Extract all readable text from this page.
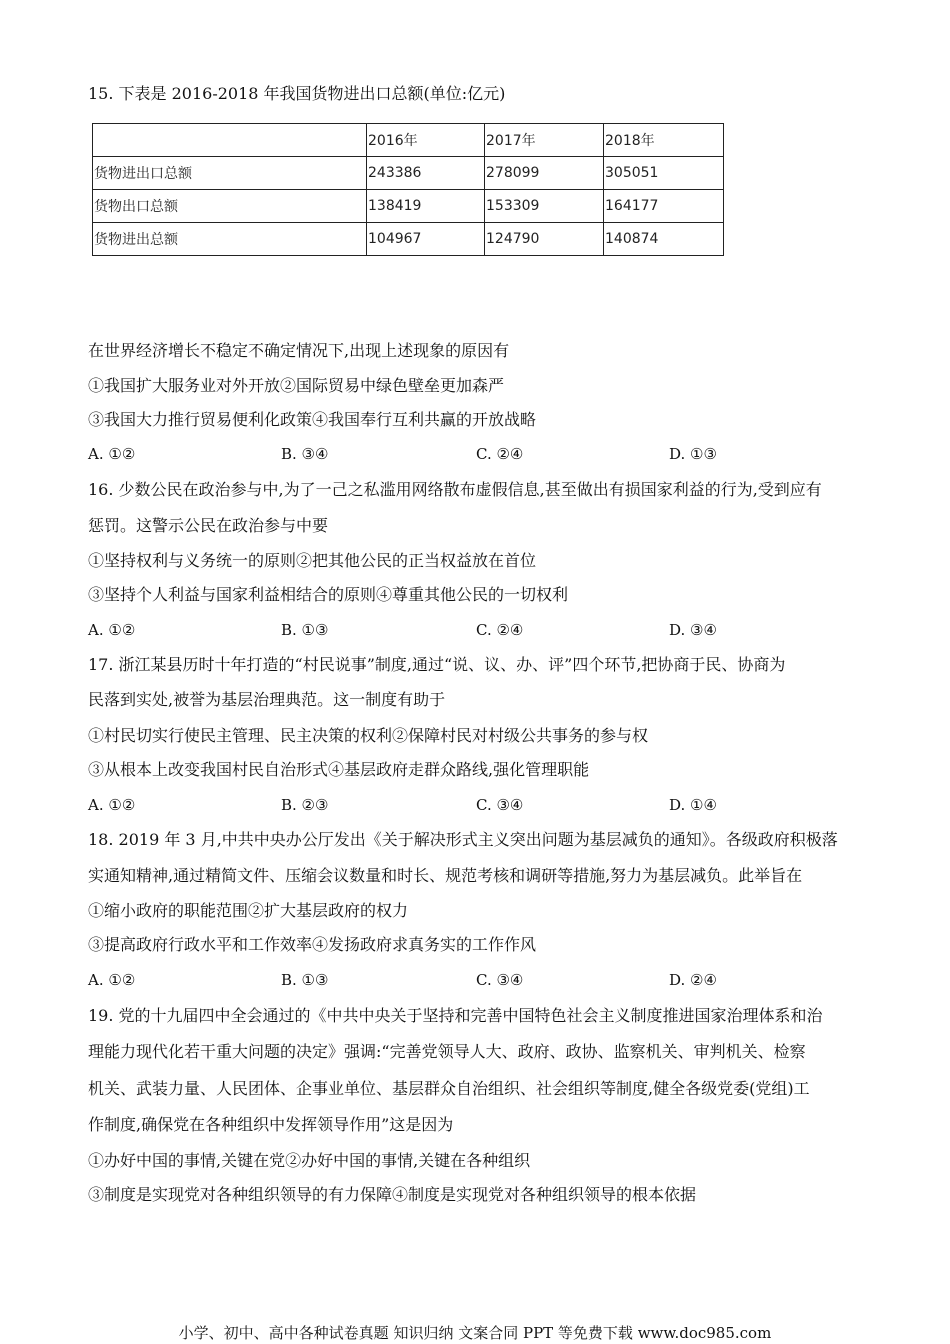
15. 下表是 2016-2018 年我国货物进出口总额(单位:亿元)
	2016年	2017年	2018年
货物进出口总额	243386	278099	305051
货物出口总额	138419	153309	164177
货物进出总额	104967	124790	140874
在世界经济增长不稳定不确定情况下,出现上述现象的原因有
①我国扩大服务业对外开放②国际贸易中绿色壁垒更加森严
③我国大力推行贸易便利化政策④我国奉行互利共赢的开放战略
A. ①②	B. ③④	C. ②④	D. ①③
16. 少数公民在政治参与中,为了一己之私滥用网络散布虚假信息,甚至做出有损国家利益的行为,受到应有
惩罚。这警示公民在政治参与中要
①坚持权利与义务统一的原则②把其他公民的正当权益放在首位
③坚持个人利益与国家利益相结合的原则④尊重其他公民的一切权利
A. ①②	B. ①③	C. ②④	D. ③④
17. 浙江某县历时十年打造的“村民说事”制度,通过“说、议、办、评”四个环节,把协商于民、协商为
民落到实处,被誉为基层治理典范。这一制度有助于
①村民切实行使民主管理、民主决策的权利②保障村民对村级公共事务的参与权
③从根本上改变我国村民自治形式④基层政府走群众路线,强化管理职能
A. ①②	B. ②③	C. ③④	D. ①④
18. 2019 年 3 月,中共中央办公厅发出《关于解决形式主义突出问题为基层减负的通知》。各级政府积极落
实通知精神,通过精简文件、压缩会议数量和时长、规范考核和调研等措施,努力为基层减负。此举旨在
①缩小政府的职能范围②扩大基层政府的权力
③提高政府行政水平和工作效率④发扬政府求真务实的工作作风
A. ①②	B. ①③	C. ③④	D. ②④
19. 党的十九届四中全会通过的《中共中央关于坚持和完善中国特色社会主义制度推进国家治理体系和治
理能力现代化若干重大问题的决定》强调:“完善党领导人大、政府、政协、监察机关、审判机关、检察
机关、武装力量、人民团体、企事业单位、基层群众自治组织、社会组织等制度,健全各级党委(党组)工
作制度,确保党在各种组织中发挥领导作用”这是因为
①办好中国的事情,关键在党②办好中国的事情,关键在各种组织
③制度是实现党对各种组织领导的有力保障④制度是实现党对各种组织领导的根本依据
小学、初中、高中各种试卷真题 知识归纳 文案合同 PPT 等免费下载 www.doc985.com
